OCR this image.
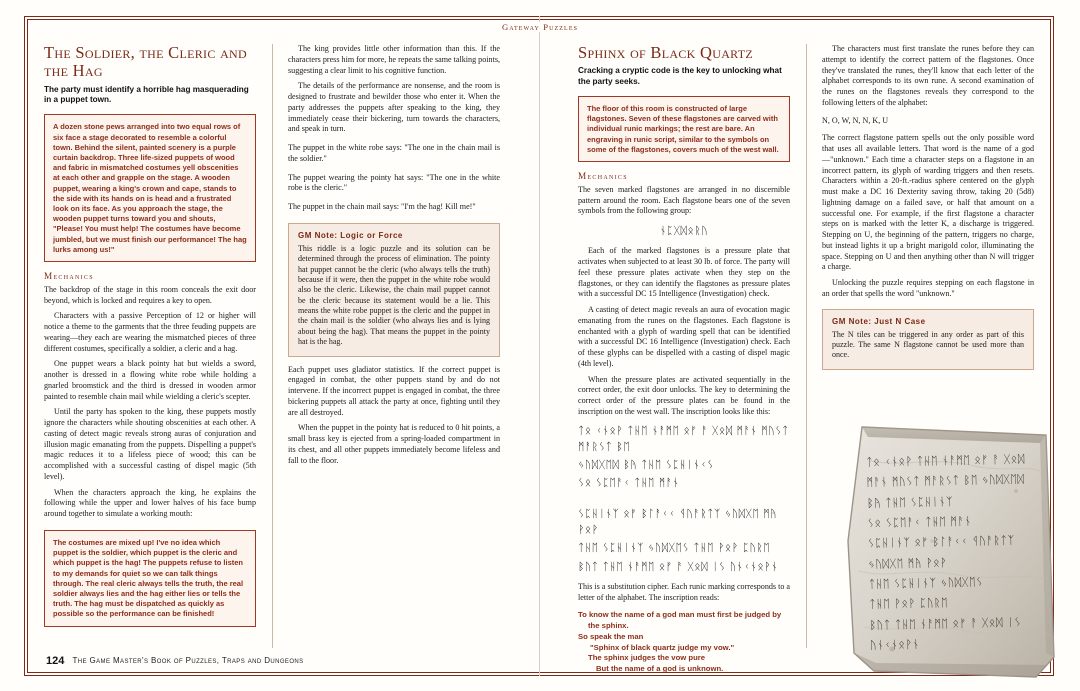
Gateway Puzzles
The Soldier, the Cleric and the Hag
The party must identify a horrible hag masquerading in a puppet town.

A dozen stone pews arranged into two equal rows of six face a stage decorated to resemble a colorful town. Behind the silent, painted scenery is a purple curtain backdrop. Three life-sized puppets of wood and fabric in mismatched costumes yell obscenities at each other and grapple on the stage. A wooden puppet, wearing a king's crown and cape, stands to the side with its hands on is head and a frustrated look on its face. As you approach the stage, the wooden puppet turns toward you and shouts, "Please! You must help! The costumes have become jumbled, but we must finish our performance! The hag lurks among us!"

Mechanics

The backdrop of the stage in this room conceals the exit door beyond, which is locked and requires a key to open.

Characters with a passive Perception of 12 or higher will notice a theme to the garments that the three feuding puppets are wearing—they each are wearing the mismatched pieces of three different costumes, specifically a soldier, a cleric and a hag.

One puppet wears a black pointy hat but wields a sword, another is dressed in a flowing white robe while holding a gnarled broomstick and the third is dressed in wooden armor painted to resemble chain mail while wielding a cleric's scepter.

Until the party has spoken to the king, these puppets mostly ignore the characters while shouting obscenities at each other. A casting of detect magic reveals strong auras of conjuration and illusion magic emanating from the puppets. Dispelling a puppet's magic reduces it to a lifeless piece of wood; this can be accomplished with a successful casting of dispel magic (5th level).

When the characters approach the king, he explains the following while the upper and lower halves of his face bump around together to simulate a working mouth:

The costumes are mixed up! I've no idea which puppet is the soldier, which puppet is the cleric and which puppet is the hag! The puppets refuse to listen to my demands for quiet so we can talk things through. The real cleric always tells the truth, the real soldier always lies and the hag either lies or tells the truth. The hag must be dispatched as quickly as possible so the performance can be finished!

The king provides little other information than this. If the characters press him for more, he repeats the same talking points, suggesting a clear limit to his cognitive function.

The details of the performance are nonsense, and the room is designed to frustrate and bewilder those who enter it. When the party addresses the puppets after speaking to the king, they immediately cease their bickering, turn towards the characters, and speak in turn.

The puppet in the white robe says: "The one in the chain mail is the soldier."

The puppet wearing the pointy hat says: "The one in the white robe is the cleric."

The puppet in the chain mail says: "I'm the hag! Kill me!"

GM Note: Logic or Force

This riddle is a logic puzzle and its solution can be determined through the process of elimination. The pointy hat puppet cannot be the cleric (who always tells the truth) because if it were, then the puppet in the white robe would also be the cleric. Likewise, the chain mail puppet cannot be the cleric because its statement would be a lie. This means the white robe puppet is the cleric and the puppet in the chain mail is the soldier (who always lies and is lying about being the hag). That means the puppet in the pointy hat is the hag.

Each puppet uses gladiator statistics. If the correct puppet is engaged in combat, the other puppets stand by and do not intervene. If the incorrect puppet is engaged in combat, the three bickering puppets all attack the party at once, fighting until they are all destroyed.

When the puppet in the pointy hat is reduced to 0 hit points, a small brass key is ejected from a spring-loaded compartment in its chest, and all other puppets immediately become lifeless and fall to the floor.

Sphinx of Black Quartz
Cracking a cryptic code is the key to unlocking what the party seeks.

The floor of this room is constructed of large flagstones. Seven of these flagstones are carved with individual runic markings; the rest are bare. An engraving in runic script, similar to the symbols on some of the flagstones, covers much of the west wall.

Mechanics

The seven marked flagstones are arranged in no discernible pattern around the room. Each flagstone bears one of the seven symbols from the following group:

ᚾᛈᚷᛞᛟᚱᚢ

Each of the marked flagstones is a pressure plate that activates when subjected to at least 30 lb. of force. The party will feel these pressure plates activate when they step on the flagstones, or they can identify the flagstones as pressure plates with a successful DC 15 Intelligence (Investigation) check.

A casting of detect magic reveals an aura of evocation magic emanating from the runes on the flagstones. Each flagstone is enchanted with a glyph of warding spell that can be identified with a successful DC 16 Intelligence (Investigation) check. Each of these glyphs can be dispelled with a casting of dispel magic (4th level).

When the pressure plates are activated sequentially in the correct order, the exit door unlocks. The key to determining the correct order of the pressure plates can be found in the inscription on the west wall. The inscription looks like this:

ᛏᛟ ᚲᚾᛟᚹ ᛏᚺᛖ ᚾᚨᛗᛖ ᛟᚠ ᚨ ᚷᛟᛞ ᛗᚨᚾ ᛗᚢᛊᛏ ᛗᚨᚱᛊᛏ ᛒᛖ

ᛃᚢᛞᚷᛖᛞ ᛒᚤ ᛏᚺᛖ ᛊᛈᚺᛁᚾᚲᛊ

ᛊᛟ ᛊᛈᛖᚨᚲ ᛏᚺᛖ ᛗᚨᚾ

ᛊᛈᚺᛁᚾᛉ ᛟᚠ ᛒᛚᚨᚲᚲ ᛩᚢᚨᚱᛏᛉ ᛃᚢᛞᚷᛖ ᛗᚤ ᚹᛟᚹ

ᛏᚺᛖ ᛊᛈᚺᛁᚾᛉ ᛃᚢᛞᚷᛖᛊ ᛏᚺᛖ ᚹᛟᚹ ᛈᚢᚱᛖ

ᛒᚢᛏ ᛏᚺᛖ ᚾᚨᛗᛖ ᛟᚠ ᚨ ᚷᛟᛞ ᛁᛊ ᚢᚾᚲᚾᛟᚹᚾ

This is a substitution cipher. Each runic marking corresponds to a letter of the alphabet. The inscription reads:

To know the name of a god man must first be judged by

the sphinx.

So speak the man

"Sphinx of black quartz judge my vow."

The sphinx judges the vow pure

But the name of a god is unknown.

The characters must first translate the runes before they can attempt to identify the correct pattern of the flagstones. Once they've translated the runes, they'll know that each letter of the alphabet corresponds to its own rune. A second examination of the runes on the flagstones reveals they correspond to the following letters of the alphabet:

N, O, W, N, N, K, U

The correct flagstone pattern spells out the only possible word that uses all available letters. That word is the name of a god—"unknown." Each time a character steps on a flagstone in an incorrect pattern, its glyph of warding triggers and then resets. Characters within a 20-ft.-radius sphere centered on the glyph must make a DC 16 Dexterity saving throw, taking 20 (5d8) lightning damage on a failed save, or half that amount on a successful one. For example, if the first flagstone a character steps on is marked with the letter K, a discharge is triggered. Stepping on U, the beginning of the pattern, triggers no charge, but instead lights it up a bright marigold color, illuminating the space. Stepping on U and then anything other than N will trigger a charge.

Unlocking the puzzle requires stepping on each flagstone in an order that spells the word "unknown."

GM Note: Just N Case

The N tiles can be triggered in any order as part of this puzzle. The same N flagstone cannot be used more than once.

ᛏᛟ ᚲᚾᛟᚹ ᛏᚺᛖ ᚾᚨᛗᛖ ᛟᚠ ᚨ ᚷᛟᛞ
ᛗᚨᚾ ᛗᚢᛊᛏ ᛗᚨᚱᛊᛏ ᛒᛖ ᛃᚢᛞᚷᛖᛞ
ᛒᚤ ᛏᚺᛖ ᛊᛈᚺᛁᚾᛉ
ᛊᛟ ᛊᛈᛖᚨᚲ ᛏᚺᛖ ᛗᚨᚾ
ᛊᛈᚺᛁᚾᛉ ᛟᚠ ᛒᛚᚨᚲᚲ ᛩᚢᚨᚱᛏᛉ
ᛃᚢᛞᚷᛖ ᛗᚤ ᚹᛟᚹ
ᛏᚺᛖ ᛊᛈᚺᛁᚾᛉ ᛃᚢᛞᚷᛖᛊ
ᛏᚺᛖ ᚹᛟᚹ ᛈᚢᚱᛖ
ᛒᚢᛏ ᛏᚺᛖ ᚾᚨᛗᛖ ᛟᚠ ᚨ ᚷᛟᛞ ᛁᛊ
ᚢᚾᚲᚾᛟᚹᚾ
124 The Game Master's Book of Puzzles, Traps and Dungeons
